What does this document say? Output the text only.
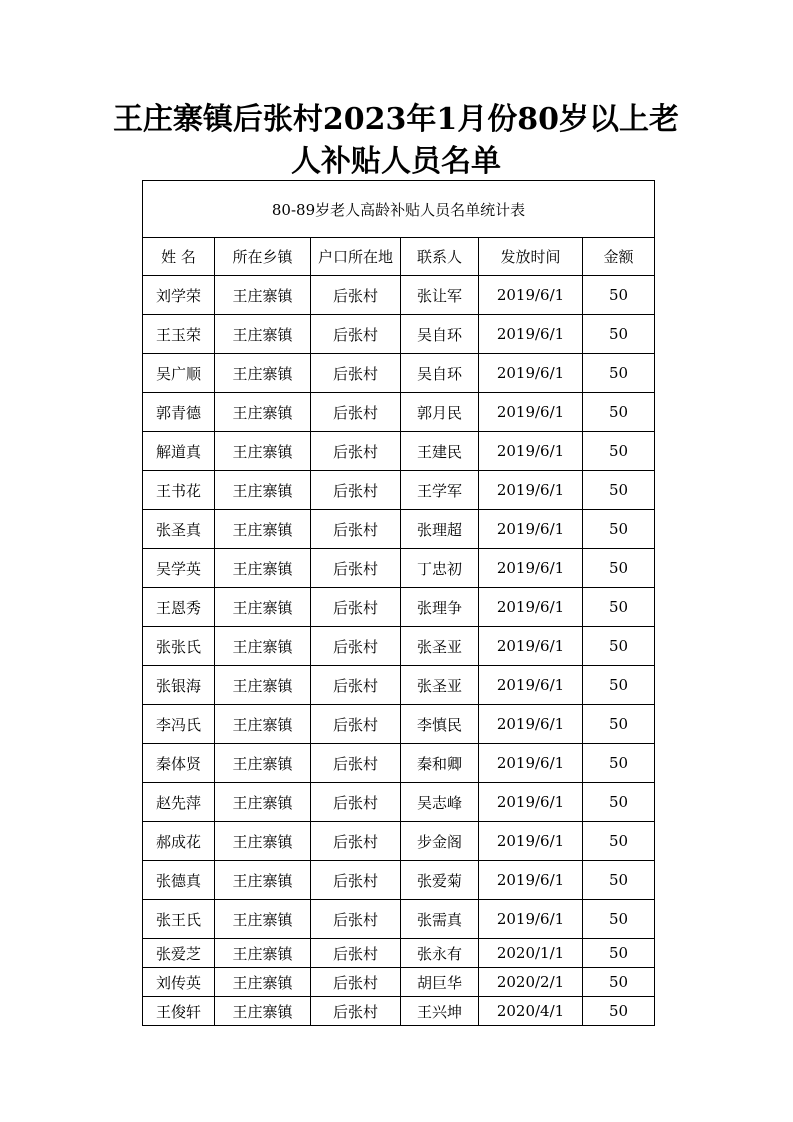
王庄寨镇后张村2023年1月份80岁以上老
人补贴人员名单
80-89岁老人高龄补贴人员名单统计表					
姓 名	所在乡镇	户口所在地	联系人	发放时间	金额
刘学荣	王庄寨镇	后张村	张让军	2019/6/1	50
王玉荣	王庄寨镇	后张村	吴自环	2019/6/1	50
吴广顺	王庄寨镇	后张村	吴自环	2019/6/1	50
郭青德	王庄寨镇	后张村	郭月民	2019/6/1	50
解道真	王庄寨镇	后张村	王建民	2019/6/1	50
王书花	王庄寨镇	后张村	王学军	2019/6/1	50
张圣真	王庄寨镇	后张村	张理超	2019/6/1	50
吴学英	王庄寨镇	后张村	丁忠初	2019/6/1	50
王恩秀	王庄寨镇	后张村	张理争	2019/6/1	50
张张氏	王庄寨镇	后张村	张圣亚	2019/6/1	50
张银海	王庄寨镇	后张村	张圣亚	2019/6/1	50
李冯氏	王庄寨镇	后张村	李慎民	2019/6/1	50
秦体贤	王庄寨镇	后张村	秦和卿	2019/6/1	50
赵先萍	王庄寨镇	后张村	吴志峰	2019/6/1	50
郝成花	王庄寨镇	后张村	步金阁	2019/6/1	50
张德真	王庄寨镇	后张村	张爱菊	2019/6/1	50
张王氏	王庄寨镇	后张村	张需真	2019/6/1	50
张爱芝	王庄寨镇	后张村	张永有	2020/1/1	50
刘传英	王庄寨镇	后张村	胡巨华	2020/2/1	50
王俊轩	王庄寨镇	后张村	王兴坤	2020/4/1	50
